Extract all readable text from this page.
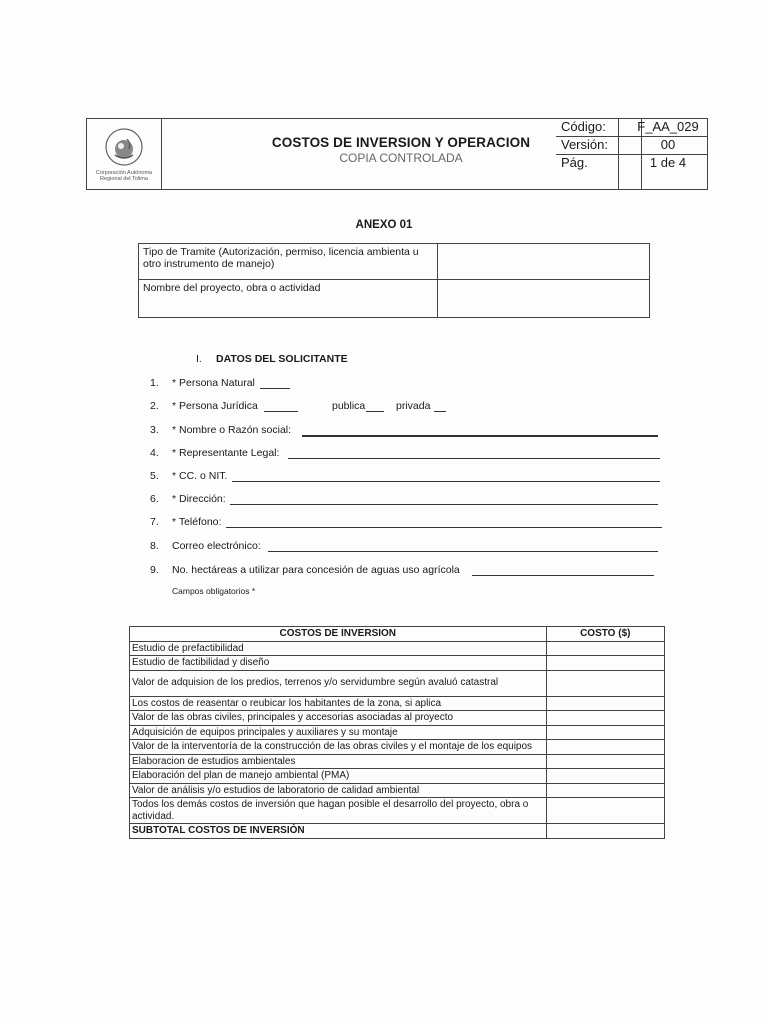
Corporación Autónoma Regional del Tolima
COSTOS DE INVERSION Y OPERACION
COPIA CONTROLADA
Código:	F_AA_029
Versión:	00
Pág.	1 de 4
ANEXO 01
Tipo de Tramite (Autorización, permiso, licencia ambienta u otro instrumento de manejo)	
Nombre del proyecto, obra o actividad	
I. DATOS DEL SOLICITANTE
1. * Persona Natural
2. * Persona Jurídica	publica	privada
3. * Nombre o Razón social:
4. * Representante Legal:
5. * CC. o NIT.
6. * Dirección:
7. * Teléfono:
8. Correo electrónico:
9. No. hectáreas a utilizar para concesión de aguas uso agrícola
Campos obligatorios *
COSTOS DE INVERSION	COSTO ($)
Estudio de prefactibilidad	
Estudio de factibilidad y diseño	
Valor de adquision de los predios, terrenos y/o servidumbre según avaluó catastral	
Los costos de reasentar o reubicar los habitantes de la zona, si aplica	
Valor de las obras civiles, principales y accesorias asociadas al proyecto	
Adquisición de equipos principales y auxiliares y su montaje	
Valor de la interventoría de la construcción de las obras civiles y el montaje de los equipos	
Elaboracion de estudios ambientales	
Elaboración del plan de manejo ambiental (PMA)	
Valor de análisis y/o estudios de laboratorio de calidad ambiental	
Todos los demás costos de inversión que hagan posible el desarrollo del proyecto, obra o actividad.	
SUBTOTAL COSTOS DE INVERSIÓN	
